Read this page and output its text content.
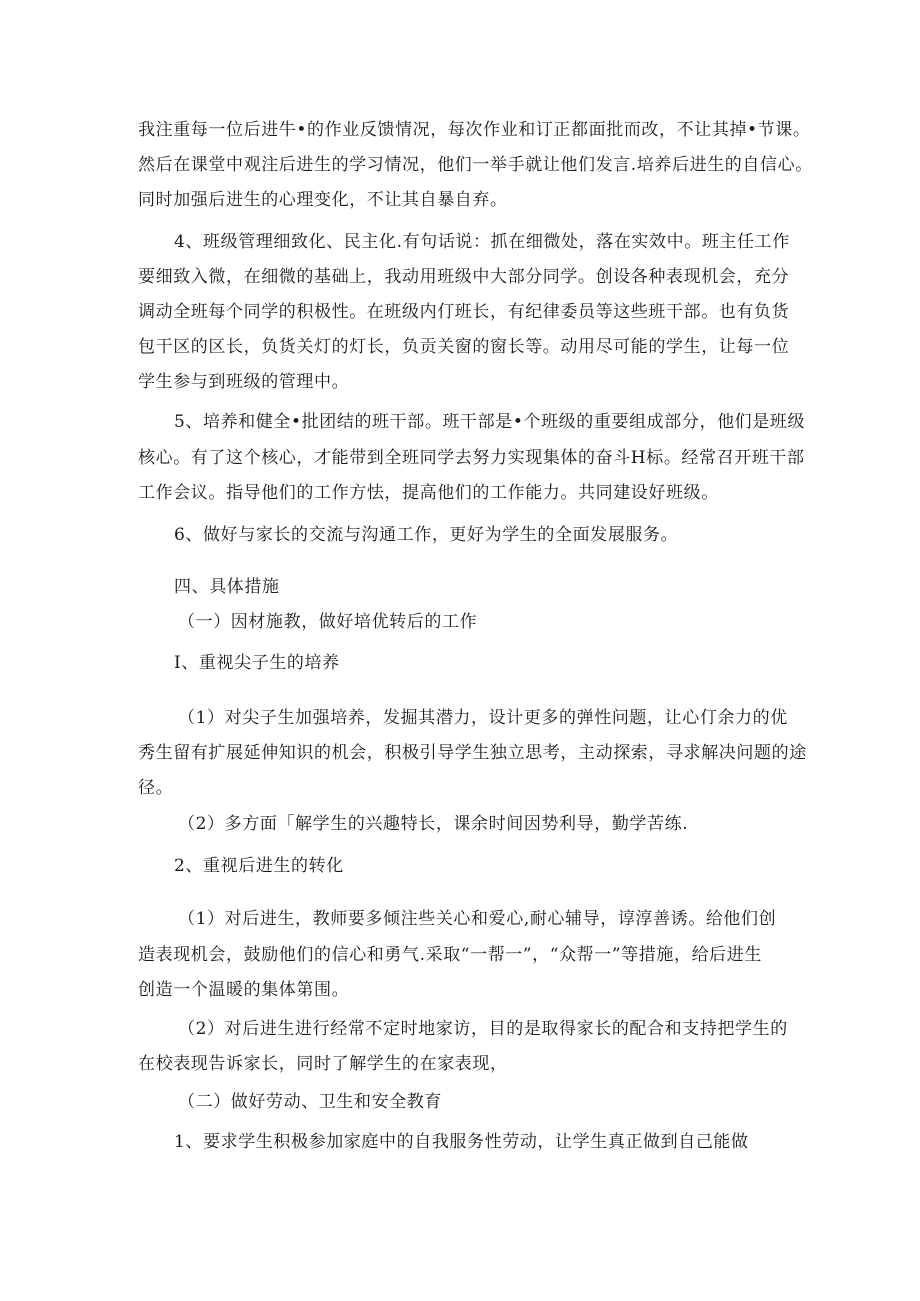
我注重每一位后进牛•的作业反馈情况，每次作业和订正都面批而改，不让其掉•节课。
然后在课堂中观注后进生的学习情况，他们一举手就让他们发言.培养后进生的自信心。
同时加强后进生的心理变化，不让其自暴自弃。
4、班级管理细致化、民主化.有句话说：抓在细微处，落在实效中。班主任工作
要细致入微，在细微的基础上，我动用班级中大部分同学。创设各种表现机会，充分
调动全班每个同学的积极性。在班级内仃班长，有纪律委员等这些班干部。也有负货
包干区的区长，负货关灯的灯长，负贡关窗的窗长等。动用尽可能的学生，让每一位
学生参与到班级的管理中。
5、培养和健全•批团结的班干部。班干部是•个班级的重要组成部分，他们是班级
核心。有了这个核心，才能带到全班同学去努力实现集体的奋斗H标。经常召开班干部
工作会议。指导他们的工作方怯，提高他们的工作能力。共同建设好班级。
6、做好与家长的交流与沟通工作，更好为学生的全面发展服务。
四、具体措施
（一）因材施教，做好培优转后的工作
I、重视尖子生的培养
（1）对尖子生加强培养，发掘其潜力，设计更多的弹性问题，让心仃余力的优
秀生留有扩展延伸知识的机会，积极引导学生独立思考，主动探索，寻求解决问题的途
径。
（2）多方面「解学生的兴趣特长，课余时间因势利导，勤学苦练.
2、重视后进生的转化
（1）对后进生，教师要多倾注些关心和爱心,耐心辅导，谆淳善诱。给他们创
造表现机会，鼓励他们的信心和勇气.采取“一帮一”，“众帮一”等措施，给后进生
创造一个温暖的集体第围。
（2）对后进生进行经常不定时地家访，目的是取得家长的配合和支持把学生的
在校表现告诉家长，同时了解学生的在家表现，
（二）做好劳动、卫生和安全教育
1、要求学生积极参加家庭中的自我服务性劳动，让学生真正做到自己能做
